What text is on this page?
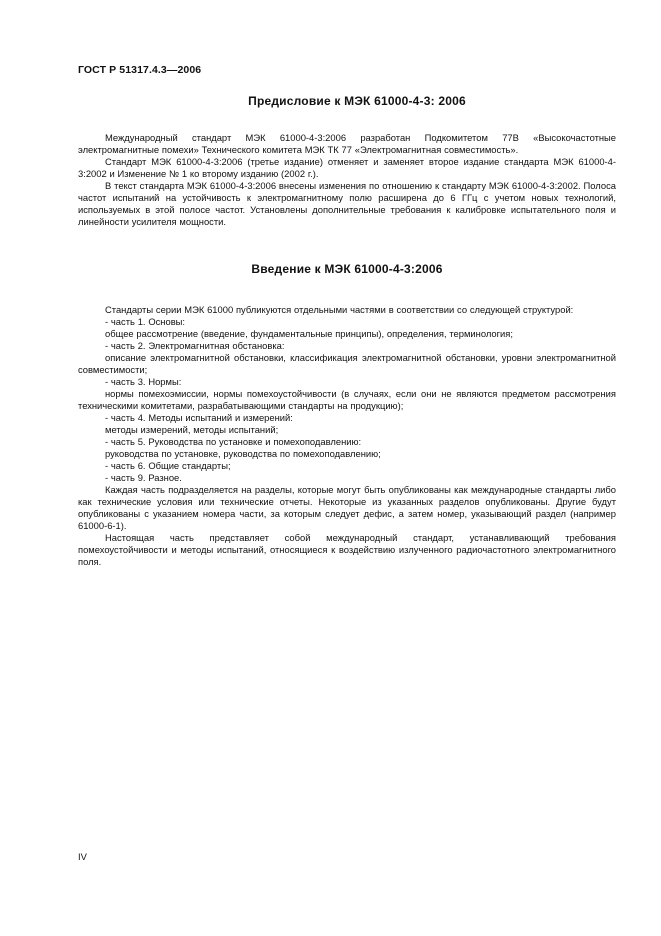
ГОСТ Р 51317.4.3—2006
Предисловие к МЭК 61000-4-3: 2006

Международный стандарт МЭК 61000-4-3:2006 разработан Подкомитетом 77В «Высокочастотные электромагнитные помехи» Технического комитета МЭК ТК 77 «Электромагнитная совместимость».

Стандарт МЭК 61000-4-3:2006 (третье издание) отменяет и заменяет второе издание стандарта МЭК 61000-4-3:2002 и Изменение № 1 ко второму изданию (2002 г.).

В текст стандарта МЭК 61000-4-3:2006 внесены изменения по отношению к стандарту МЭК 61000-4-3:2002. Полоса частот испытаний на устойчивость к электромагнитному полю расширена до 6 ГГц с учетом новых технологий, используемых в этой полосе частот. Установлены дополнительные требования к калибровке испытательного поля и линейности усилителя мощности.

Введение к МЭК 61000-4-3:2006

Стандарты серии МЭК 61000 публикуются отдельными частями в соответствии со следующей структурой:

- часть 1. Основы:

общее рассмотрение (введение, фундаментальные принципы), определения, терминология;

- часть 2. Электромагнитная обстановка:

описание электромагнитной обстановки, классификация электромагнитной обстановки, уровни электромагнитной совместимости;

- часть 3. Нормы:

нормы помехоэмиссии, нормы помехоустойчивости (в случаях, если они не являются предметом рассмотрения техническими комитетами, разрабатывающими стандарты на продукцию);

- часть 4. Методы испытаний и измерений:

методы измерений, методы испытаний;

- часть 5. Руководства по установке и помехоподавлению:

руководства по установке, руководства по помехоподавлению;

- часть 6. Общие стандарты;

- часть 9. Разное.

Каждая часть подразделяется на разделы, которые могут быть опубликованы как международные стандарты либо как технические условия или технические отчеты. Некоторые из указанных разделов опубликованы. Другие будут опубликованы с указанием номера части, за которым следует дефис, а затем номер, указывающий раздел (например 61000-6-1).

Настоящая часть представляет собой международный стандарт, устанавливающий требования помехоустойчивости и методы испытаний, относящиеся к воздействию излученного радиочастотного электромагнитного поля.

IV
